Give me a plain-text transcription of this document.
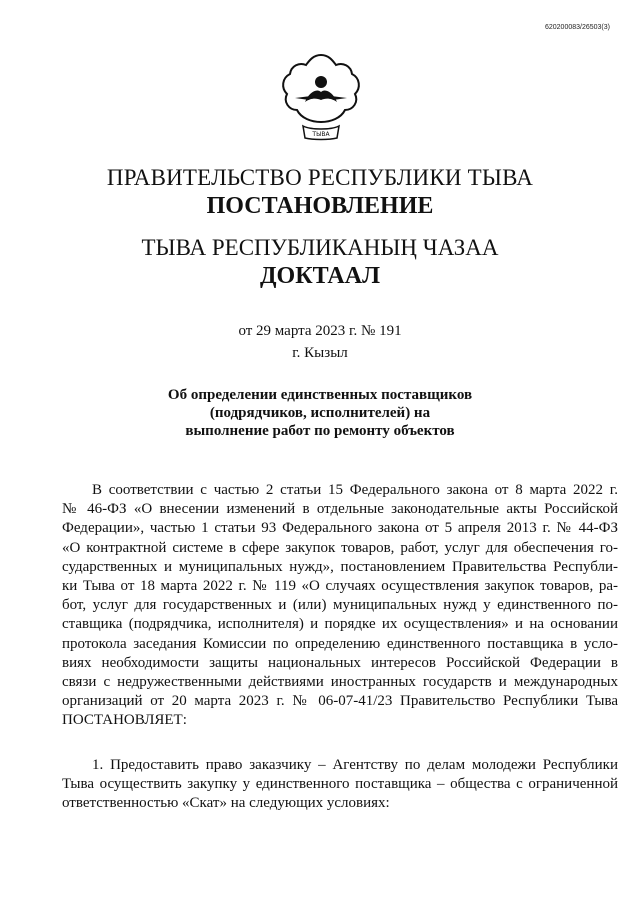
620200083/26503(3)
ТЫВА
ПРАВИТЕЛЬСТВО РЕСПУБЛИКИ ТЫВА
ПОСТАНОВЛЕНИЕ
ТЫВА РЕСПУБЛИКАНЫҢ ЧАЗАА
ДОКТААЛ
от 29 марта 2023 г. № 191
г. Кызыл
Об определении единственных поставщиков
(подрядчиков, исполнителей) на
выполнение работ по ремонту объектов
В соответствии с частью 2 статьи 15 Федерального закона от 8 марта 2022 г.
№ 46-ФЗ «О внесении изменений в отдельные законодательные акты Российской
Федерации», частью 1 статьи 93 Федерального закона от 5 апреля 2013 г. № 44-ФЗ
«О контрактной системе в сфере закупок товаров, работ, услуг для обеспечения го-
сударственных и муниципальных нужд», постановлением Правительства Республи-
ки Тыва от 18 марта 2022 г. № 119 «О случаях осуществления закупок товаров, ра-
бот, услуг для государственных и (или) муниципальных нужд у единственного по-
ставщика (подрядчика, исполнителя) и порядке их осуществления» и на основании
протокола заседания Комиссии по определению единственного поставщика в усло-
виях необходимости защиты национальных интересов Российской Федерации в
связи с недружественными действиями иностранных государств и международных
организаций от 20 марта 2023 г. № 06-07-41/23 Правительство Республики Тыва
ПОСТАНОВЛЯЕТ:
1. Предоставить право заказчику – Агентству по делам молодежи Республики
Тыва осуществить закупку у единственного поставщика – общества с ограниченной
ответственностью «Скат» на следующих условиях:
